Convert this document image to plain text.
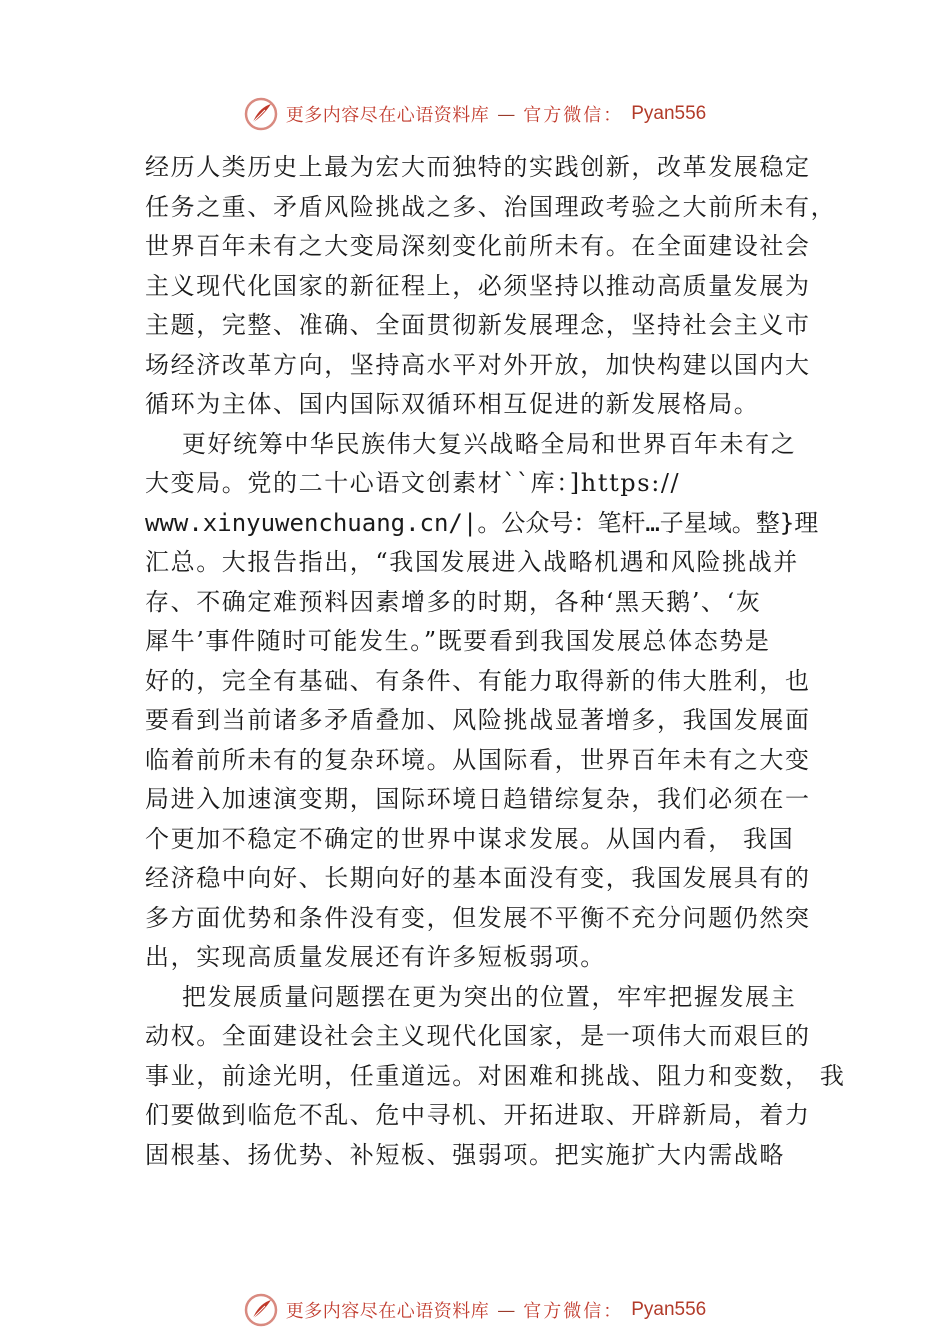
更多内容尽在心语资料库 — 官方微信： Pyan556
经历人类历史上最为宏大而独特的实践创新，改革发展稳定
任务之重、矛盾风险挑战之多、治国理政考验之大前所未有，
世界百年未有之大变局深刻变化前所未有。在全面建设社会
主义现代化国家的新征程上，必须坚持以推动高质量发展为
主题，完整、准确、全面贯彻新发展理念，坚持社会主义市
场经济改革方向，坚持高水平对外开放，加快构建以国内大
循环为主体、国内国际双循环相互促进的新发展格局。
更好统筹中华民族伟大复兴战略全局和世界百年未有之
大变局。党的二十心语文创素材``库：]https://
www.xinyuwenchuang.cn/|。公众号：笔杆…子星域。整}理
汇总。大报告指出，“我国发展进入战略机遇和风险挑战并
存、不确定难预料因素增多的时期，各种‘黑天鹅’、‘灰
犀牛’事件随时可能发生。”既要看到我国发展总体态势是
好的，完全有基础、有条件、有能力取得新的伟大胜利，也
要看到当前诸多矛盾叠加、风险挑战显著增多，我国发展面
临着前所未有的复杂环境。从国际看，世界百年未有之大变
局进入加速演变期，国际环境日趋错综复杂，我们必须在一
个更加不稳定不确定的世界中谋求发展。从国内看， 我国
经济稳中向好、长期向好的基本面没有变，我国发展具有的
多方面优势和条件没有变，但发展不平衡不充分问题仍然突
出，实现高质量发展还有许多短板弱项。
把发展质量问题摆在更为突出的位置，牢牢把握发展主
动权。全面建设社会主义现代化国家，是一项伟大而艰巨的
事业，前途光明，任重道远。对困难和挑战、阻力和变数， 我
们要做到临危不乱、危中寻机、开拓进取、开辟新局，着力
固根基、扬优势、补短板、强弱项。把实施扩大内需战略
更多内容尽在心语资料库 — 官方微信： Pyan556
